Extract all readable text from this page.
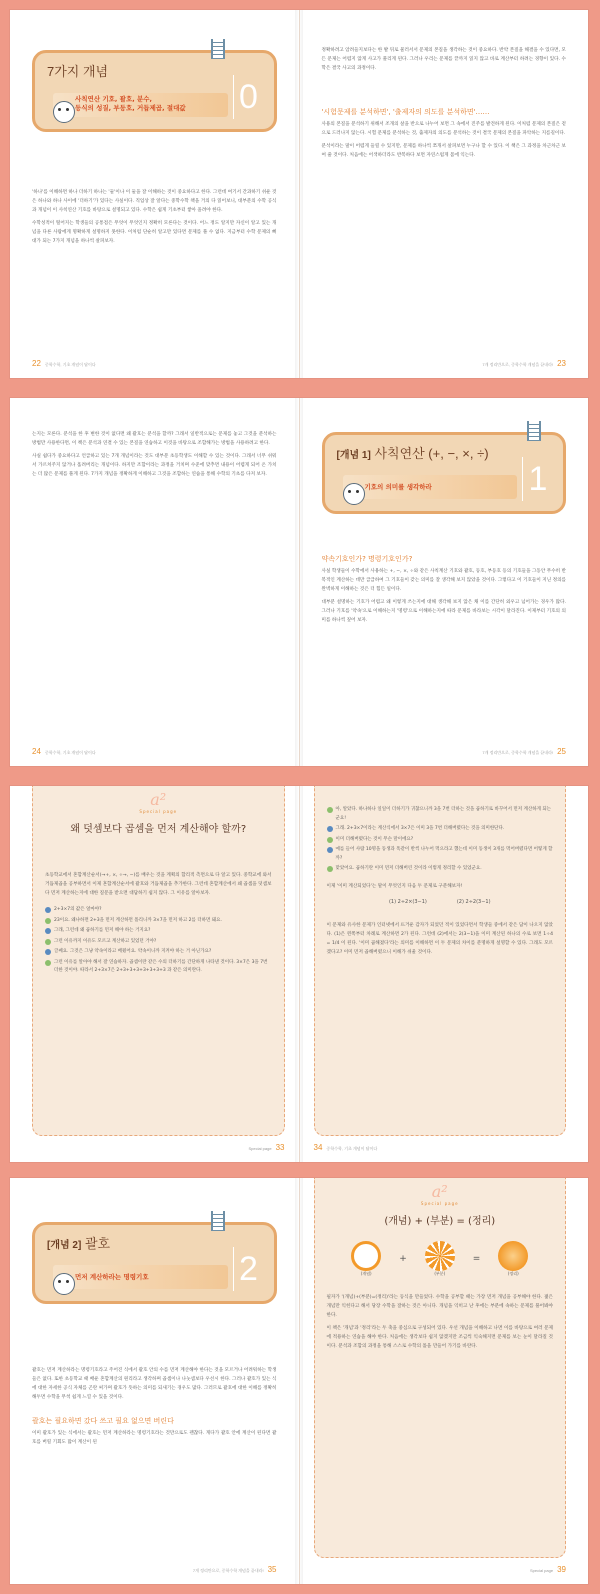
7가지 개념
사칙연산 기호, 괄호, 분수,
등식의 성질, 부등호, 거듭제곱, 절대값 0

'하나'를 이해하면 하나 더하기 하나는 '둘'이나 이 둘을 잘 이해하는 것이 중요하다고 한다. 그런데 여기서 간과하기 쉬운 것은 하나와 하나 사이에 '더하기'가 있다는 사실이다. 직업상 잘 알다는 중학수학 책을 거의 다 읽어보니, 대부분의 수학 공식과 개념이 이 사칙연산 기호를 바탕으로 설명되고 있다. 수학은 쉽게 기초부터 쌓아 올려야 한다.

수학성적이 떨어지는 학생들의 공통점은 무엇이 무엇인지 정확히 모른다는 것이다. 어느 정도 알지만 자신이 알고 있는 개념을 다른 사람에게 명확하게 설명하지 못한다. 이처럼 단순히 알고만 있다면 문제를 풀 수 없다. 지금부터 수학 문제의 뼈대가 되는 7가지 개념을 하나씩 살펴보자.

22 중학수학, 기초 개념이 답이다

정확하려고 암려들지보다는 한 발 뒤로 물러서서 문제의 본질을 생각하는 것이 중요하다. 반약 본질을 해결을 수 있다면, 모든 문제는 어렵지 않게 사고가 풀리게 된다. 그러나 우리는 문제를 끝까지 읽지 않고 바로 계산부터 하려는 경향이 있다. 수학은 결국 사고의 과정이다.

'시험문제를 분석하면', '출제자의 의도를 분석하면'……

사용의 본질을 분석하기 위해서 조개의 살을 반으로 나누어 보면 그 속에서 진주를 발견하게 된다. 이처럼 문제의 본질은 겉으로 드러나지 않는다. 시험 문제를 분석하는 것, 출제자의 의도를 분석하는 것이 결국 문제의 본질을 파악하는 지름길이다.

분석이라는 말이 어렵게 들릴 수 있지만, 문제를 하나씩 쪼개서 살펴보면 누구나 할 수 있다. 이 책은 그 과정을 차근차근 보여 줄 것이다. 처음에는 어색하더라도 반복하다 보면 자연스럽게 몸에 익는다.

7개 정리만으로, 중학수학 개념을 끝내라! 23

는지는 모른다. 분석을 한 후 변한 것이 없다면 왜 괄호는 분석을 할까? 그래서 일반적으로는 문제를 놓고 그것을 분석하는 방법만 사용한다면, 이 책은 분석과 연결 수 있는 본질을 연습하고 이것을 바탕으로 조합해가는 방법을 사용하려고 한다.

사실 쉽다가 중요하다고 언급하고 있는 7개 개념이라는 것도 대부분 초등학생도 이해할 수 있는 것이다. 그래서 너무 쉬워서 가르쳐주지 않거나 흘려버리는 개념이다. 하지만 조합이라는 과정을 거치며 수준에 맞추면 내용이 어렵게 되어 온 가치는 더 많은 문제를 풀게 된다. 7가지 개념을 정확하게 이해하고 그것을 조합하는 연습을 통해 수학의 기초를 다져 보자.

24 중학수학, 기초 개념이 답이다
[개념 1] 사칙연산 (+, −, ×, ÷)
기호의 의미를 생각하라	1
약속기호인가? 명령기호인가?

사실 학생들이 수학에서 사용하는 +, −, ×, ÷와 같은 사칙계산 기호와 괄호, 등호, 부등호 등의 기호들을 그동안 무수히 반복적인 계산하는 데만 급급하여 그 기호들이 갖는 의미를 잘 생각해 보지 않았을 것이다. 그렇다고 이 기호들이 지닌 정의를 완벽하게 이해하는 것은 더 힘든 일이다.

대부분 설명하는 기호가 어렵고 왜 이렇게 쓰는지에 대해 생각해 보지 않은 채 이를 간단히 외우고 넘어가는 경우가 많다. 그러나 기호를 '약속'으로 이해하는지 '명령'으로 이해하는지에 따라 문제를 바라보는 시각이 달라진다. 이제부터 기호의 의미를 하나씩 짚어 보자.

7개 정리만으로, 중학수학 개념을 끝내라! 25
a²
Special page
왜 덧셈보다 곱셈을 먼저 계산해야 할까?
초등학교에서 혼합계산순서(→+, ×, ÷→, −)를 배우는 것을 계획의 합리적 측면으로 다 알고 있다. 중학교에 와서 거듭제곱을 공부하면서 이제 혼합계산순서에 괄호와 거듭제곱을 추가한다. 그런데 혼합계산에서 왜 곱셈을 덧셈보다 먼저 계산하는지에 대한 질문을 받으면 대답하기 쉽지 않다. 그 이유를 알아보자.
2+3×7의 값은 얼마야?
23이요. 왜냐하면 2+3을 먼저 계산하면 틀리니까 3×7을 먼저 하고 2를 더하면 돼요.
그래, 그런데 왜 곱하기를 먼저 해야 하는 거지요?
그런 이유까지 이유도 모르고 계산하고 있었던 거야?
글쎄요. 그것은 그냥 약속이라고 배웠어요. 약속이니까 지켜야 하는 거 아닌가요?
그런 이유를 알아야 해서 잘 연습하자. 곱셈이란 같은 수의 더하기를 간단하게 나타낸 것이다. 3×7은 3을 7번 더한 것이야. 따라서 2+3×7은 2+3+3+3+3+3+3+3 과 같은 의미란다.
Special page 33
아, 알았다. 하나하나 일일이 더하기가 귀찮으니까 3을 7번 더하는 것을 곱하기로 바꾸어서 먼저 계산하게 되는 군요!
그래. 2+3×7이라는 계산식에서 3×7은 이미 3을 7번 더해버렸다는 것을 의미한단다.
이미 더해버렸다는 것이 무슨 말이에요?
예를 들어 사람 10명을 동생과 똑같이 반씩 나누어 먹으라고 했는데 이미 동생이 3개를 먹어버렸다면 어떻게 할까?
맞았어요. 곱하기란 이미 먼저 더해버린 것이라 이렇게 정리할 수 있었군요.
이제 '이미 계산되었다'는 말이 무엇인지 다음 두 문제로 구분해보자!
(1) 2÷2×(3−1)	(2) 2÷2(3−1)
이 문제와 유사한 문제가 인터넷에서 뜨거운 감자가 되었던 적이 있었다면서 학생들 중에서 같은 답이 나오지 않았다. (1)은 왼쪽부터 차례로 계산하면 2가 된다. 그런데 (2)에서는 2(3−1)을 이미 계산된 하나의 수로 보면 1÷4 = 1/4 이 된다. '이미 곱해졌다'라는 의미를 이해하면 이 두 문제의 차이를 분명하게 설명할 수 있다. 그래도 모르겠다고? 이미 먼저 곱해버렸으니 이해가 쉬울 것이다.
34 중학수학, 기초 개념이 답이다
[개념 2] 괄호
먼저 계산하라는 명령기호	2

괄호는 먼저 계산하라는 명령기호라고 주어진 식에서 괄호 안의 수를 먼저 계산해야 한다는 것을 모르거나 어려워하는 학생들은 없다. 또한 초등학교 때 배운 혼합계산의 원리라고 생각하며 곱셈이나 나눗셈보다 우선시 한다. 그러나 괄호가 있는 식에 대한 자세한 공식 자체를 곤란 써가며 괄호가 뜻하는 의미를 되새기는 경우도 많다. 그러므로 괄호에 대한 이해를 정확히 해두면 수학을 무척 쉽게 느낄 수 있을 것이다.

괄호는 필요하면 갔다 쓰고 필요 없으면 버린다

이미 괄호가 있는 식에서는 괄호는 먼저 계산하라는 명령기호라는 것만으로도 괜찮다. 게다가 괄호 안에 계산이 된다면 괄호를 버릴 기회도 많이 계산이 된

7개 정리만으로, 중학수학 개념을 끝내라! 35
a²
Special page
(개념) + (부분) = (정리)
(개념)
+
(부분)
=
(정리)

필자가 '(개념)+(부분)=(정리)'라는 등식을 만들었다. 수학을 공부할 때는 가장 먼저 개념을 공부해야 한다. 젊은 개념만 익힌다고 해서 당장 수학을 잘하는 것은 아니다. 개념을 익히고 난 후에는 부분에 속하는 문제를 풀어봐야 한다.

이 책은 '개념'과 '정리'라는 두 축을 중심으로 구성되어 있다. 우선 개념을 이해하고 나면 이를 바탕으로 여러 문제에 적용하는 연습을 해야 한다. 처음에는 생각보다 쉽지 않겠지만 조금씩 익숙해지면 문제를 보는 눈이 달라질 것이다. 분석과 조합의 과정을 통해 스스로 수학의 틀을 만들어 가기를 바란다.

Special page 39
